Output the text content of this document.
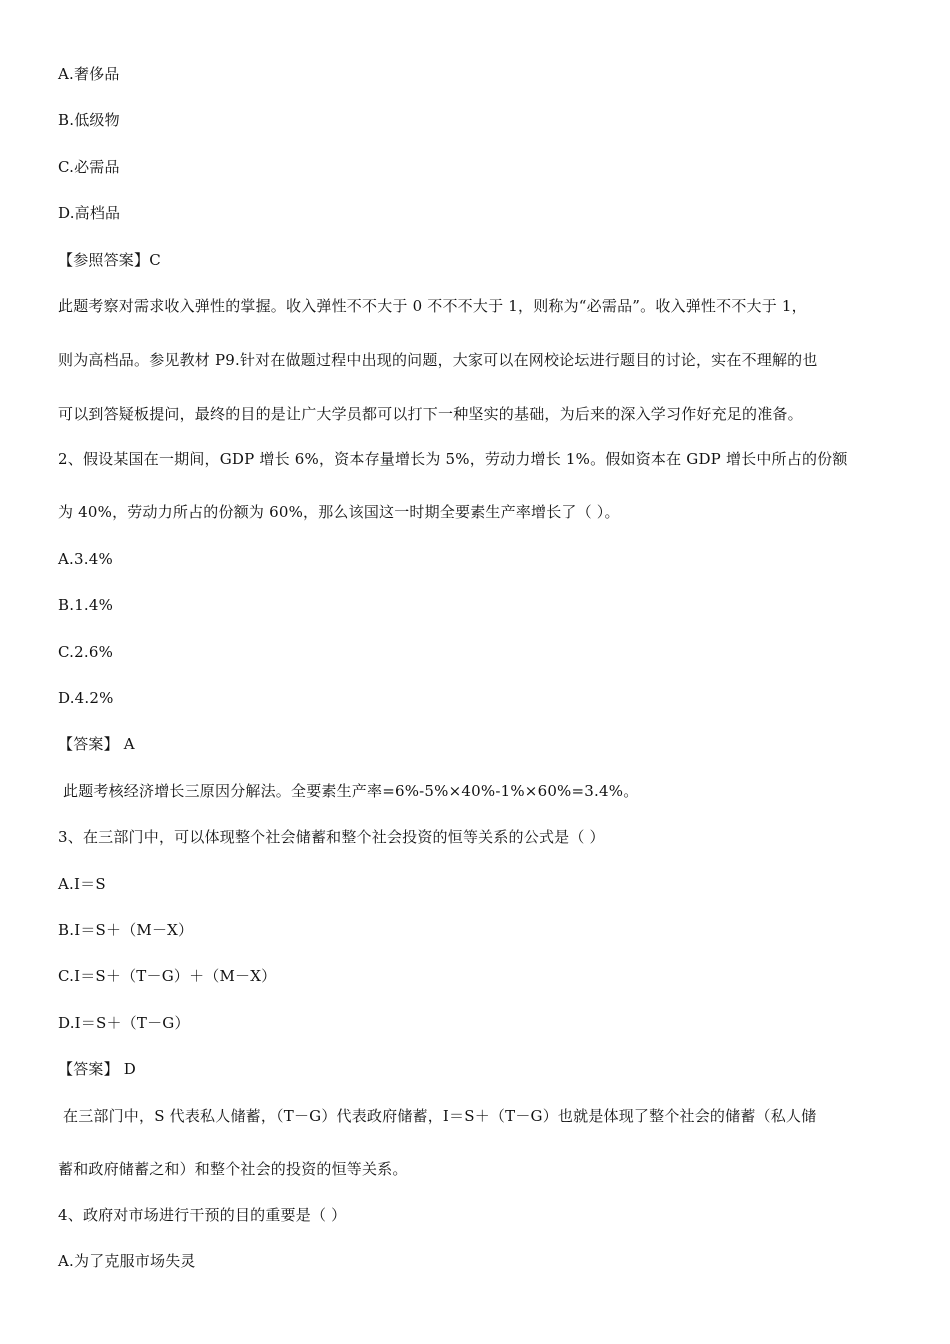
A.奢侈品
B.低级物
C.必需品
D.高档品
【参照答案】C
此题考察对需求收入弹性的掌握。收入弹性不不大于 0 不不不大于 1，则称为“必需品”。收入弹性不不大于 1，
则为高档品。参见教材 P9.针对在做题过程中出现的问题，大家可以在网校论坛进行题目的讨论，实在不理解的也
可以到答疑板提问，最终的目的是让广大学员都可以打下一种坚实的基础，为后来的深入学习作好充足的准备。
2、假设某国在一期间，GDP 增长 6%，资本存量增长为 5%，劳动力增长 1%。假如资本在 GDP 增长中所占的份额
为 40%，劳动力所占的份额为 60%，那么该国这一时期全要素生产率增长了（ ）。
A.3.4%
B.1.4%
C.2.6%
D.4.2%
【答案】 A
此题考核经济增长三原因分解法。全要素生产率=6%-5%×40%-1%×60%=3.4%。
3、在三部门中，可以体现整个社会储蓄和整个社会投资的恒等关系的公式是（ ）
A.I＝S
B.I＝S＋（M－X）
C.I＝S＋（T－G）＋（M－X）
D.I＝S＋（T－G）
【答案】 D
在三部门中，S 代表私人储蓄，（T－G）代表政府储蓄，I＝S＋（T－G）也就是体现了整个社会的储蓄（私人储
蓄和政府储蓄之和）和整个社会的投资的恒等关系。
4、政府对市场进行干预的目的重要是（ ）
A.为了克服市场失灵
